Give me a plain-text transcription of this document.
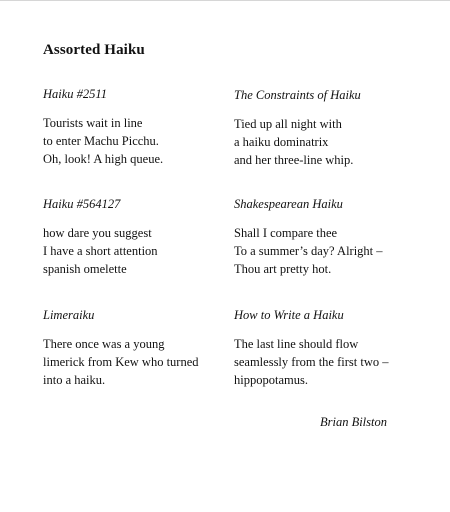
Assorted Haiku
Haiku #2511
Tourists wait in line
to enter Machu Picchu.
Oh, look! A high queue.
The Constraints of Haiku
Tied up all night with
a haiku dominatrix
and her three-line whip.
Haiku #564127
how dare you suggest
I have a short attention
spanish omelette
Shakespearean Haiku
Shall I compare thee
To a summer’s day? Alright –
Thou art pretty hot.
Limeraiku
There once was a young
limerick from Kew who turned
into a haiku.
How to Write a Haiku
The last line should flow
seamlessly from the first two –
hippopotamus.
Brian Bilston
